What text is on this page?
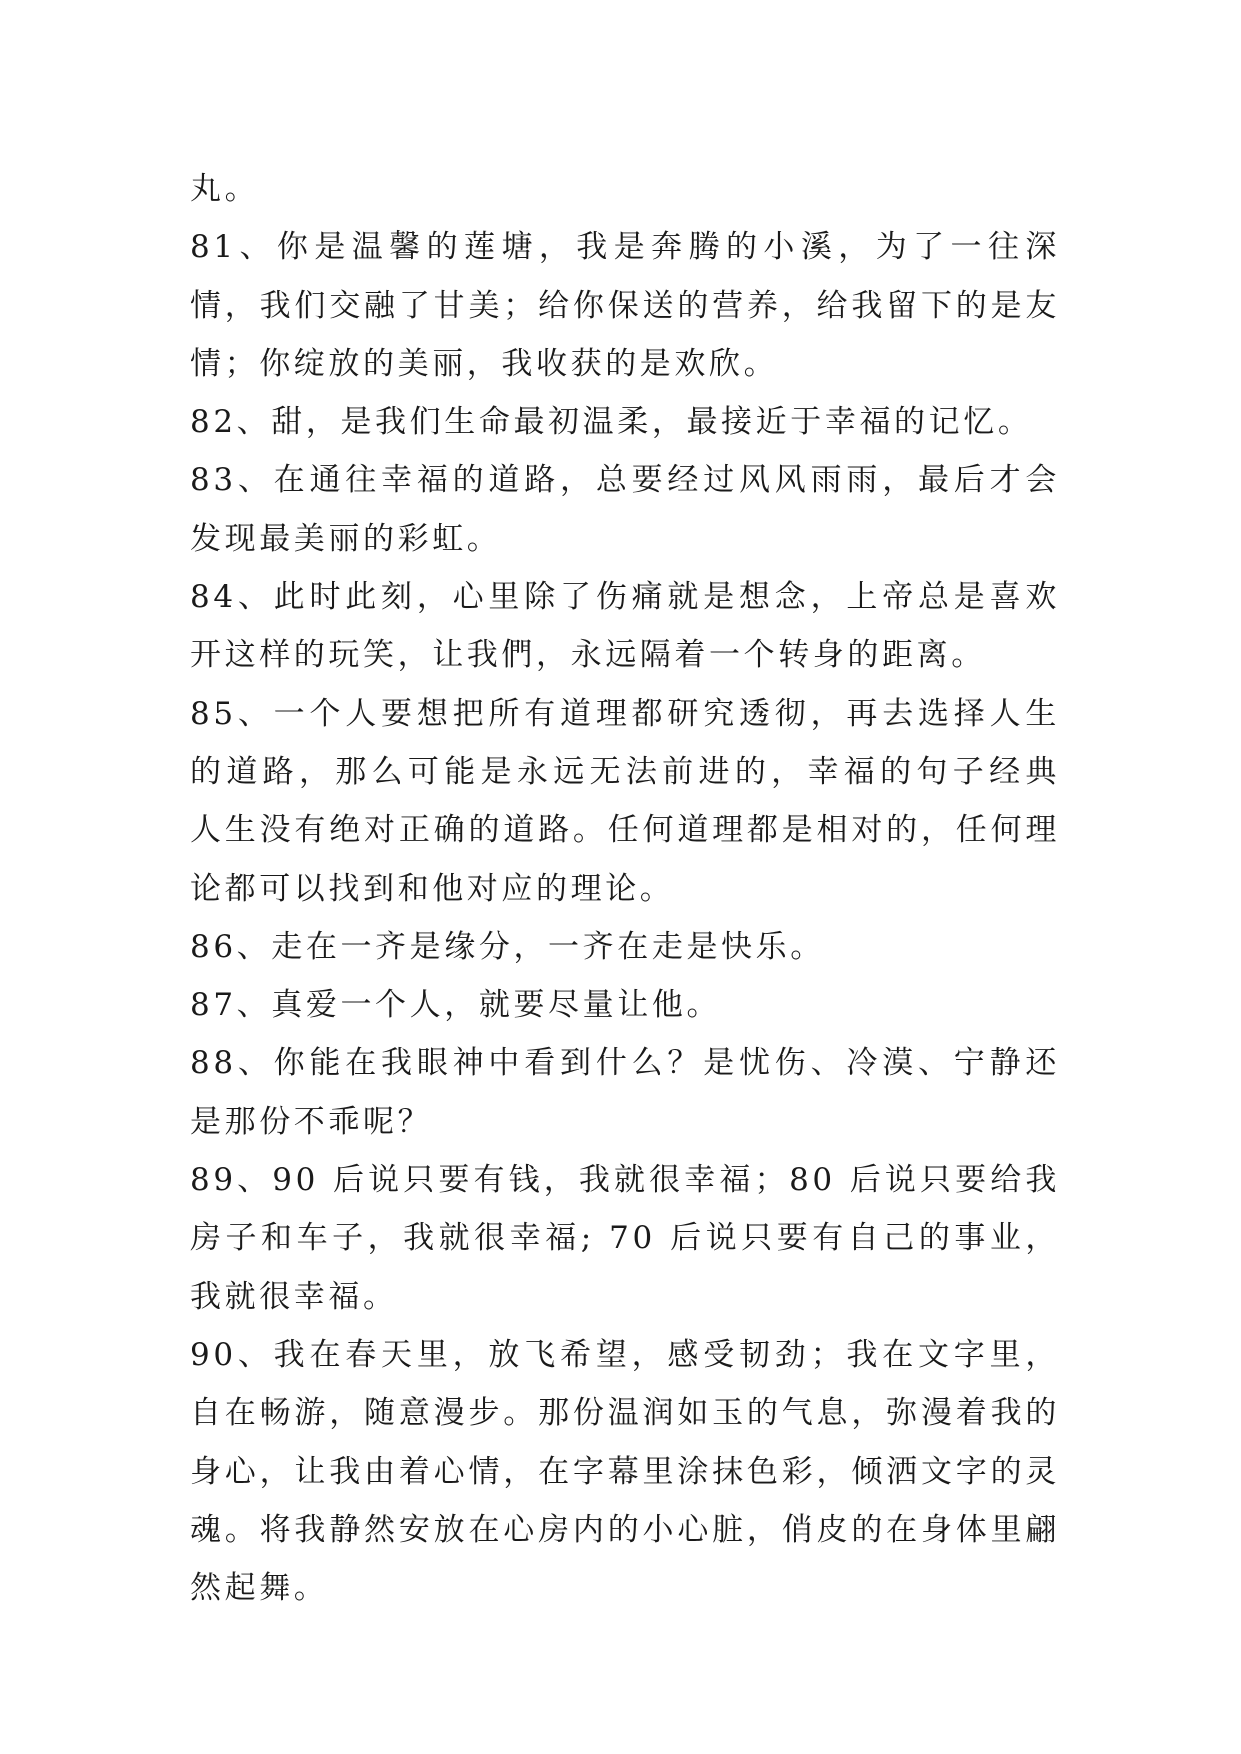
丸。

81、你是温馨的莲塘，我是奔腾的小溪，为了一往深情，我们交融了甘美；给你保送的营养，给我留下的是友情；你绽放的美丽，我收获的是欢欣。

82、甜，是我们生命最初温柔，最接近于幸福的记忆。

83、在通往幸福的道路，总要经过风风雨雨，最后才会发现最美丽的彩虹。

84、此时此刻，心里除了伤痛就是想念，上帝总是喜欢开这样的玩笑，让我們，永远隔着一个转身的距离。

85、一个人要想把所有道理都研究透彻，再去选择人生的道路，那么可能是永远无法前进的，幸福的句子经典 人生没有绝对正确的道路。任何道理都是相对的，任何理论都可以找到和他对应的理论。

86、走在一齐是缘分，一齐在走是快乐。

87、真爱一个人，就要尽量让他。

88、你能在我眼神中看到什么？是忧伤、冷漠、宁静还是那份不乖呢？

89、90 后说只要有钱，我就很幸福；80 后说只要给我房子和车子，我就很幸福; 70 后说只要有自己的事业，我就很幸福。

90、我在春天里，放飞希望，感受韧劲；我在文字里，自在畅游，随意漫步。那份温润如玉的气息，弥漫着我的身心，让我由着心情，在字幕里涂抹色彩，倾洒文字的灵魂。将我静然安放在心房内的小心脏，俏皮的在身体里翩然起舞。
